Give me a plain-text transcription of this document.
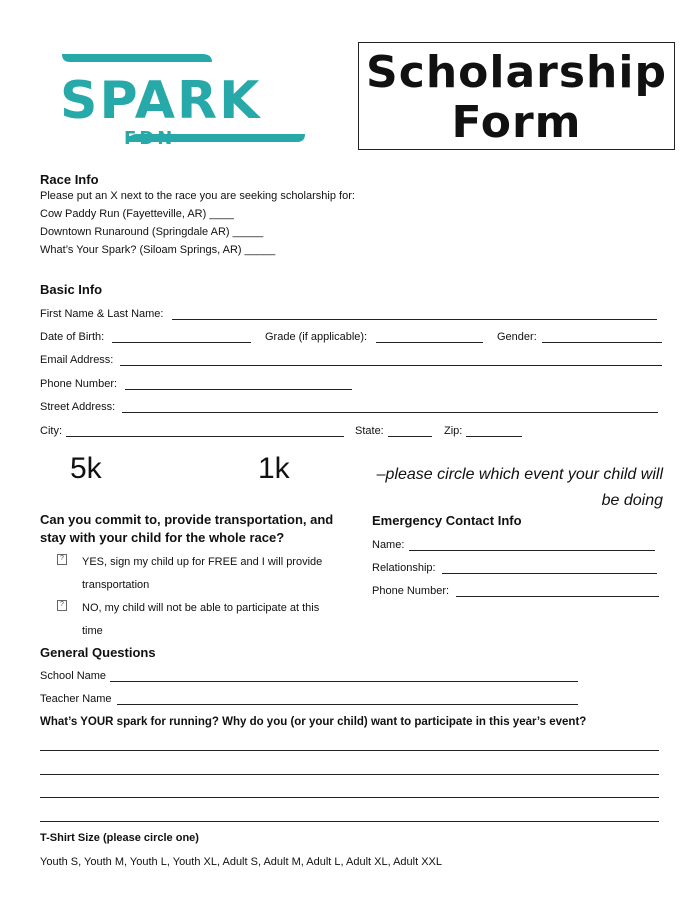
SPARK
FDN
Scholarship
Form
Race Info
Please put an X next to the race you are seeking scholarship for:
Cow Paddy Run (Fayetteville, AR) ____
Downtown Runaround (Springdale AR) _____
What’s Your Spark? (Siloam Springs, AR) _____
Basic Info
First Name & Last Name:
Date of Birth:	Grade (if applicable):	Gender:
Email Address:
Phone Number:
Street Address:
City:	State:	Zip:
5k	1k	–please circle which event your child will be doing
Can you commit to, provide transportation, and stay with your child for the whole race?
? YES, sign my child up for FREE and I will provide transportation
? NO, my child will not be able to participate at this time
Emergency Contact Info
Name:
Relationship:
Phone Number:
General Questions
School Name
Teacher Name
What’s YOUR spark for running? Why do you (or your child) want to participate in this year’s event?
T-Shirt Size (please circle one)
Youth S, Youth M, Youth L, Youth XL, Adult S, Adult M, Adult L, Adult XL, Adult XXL
